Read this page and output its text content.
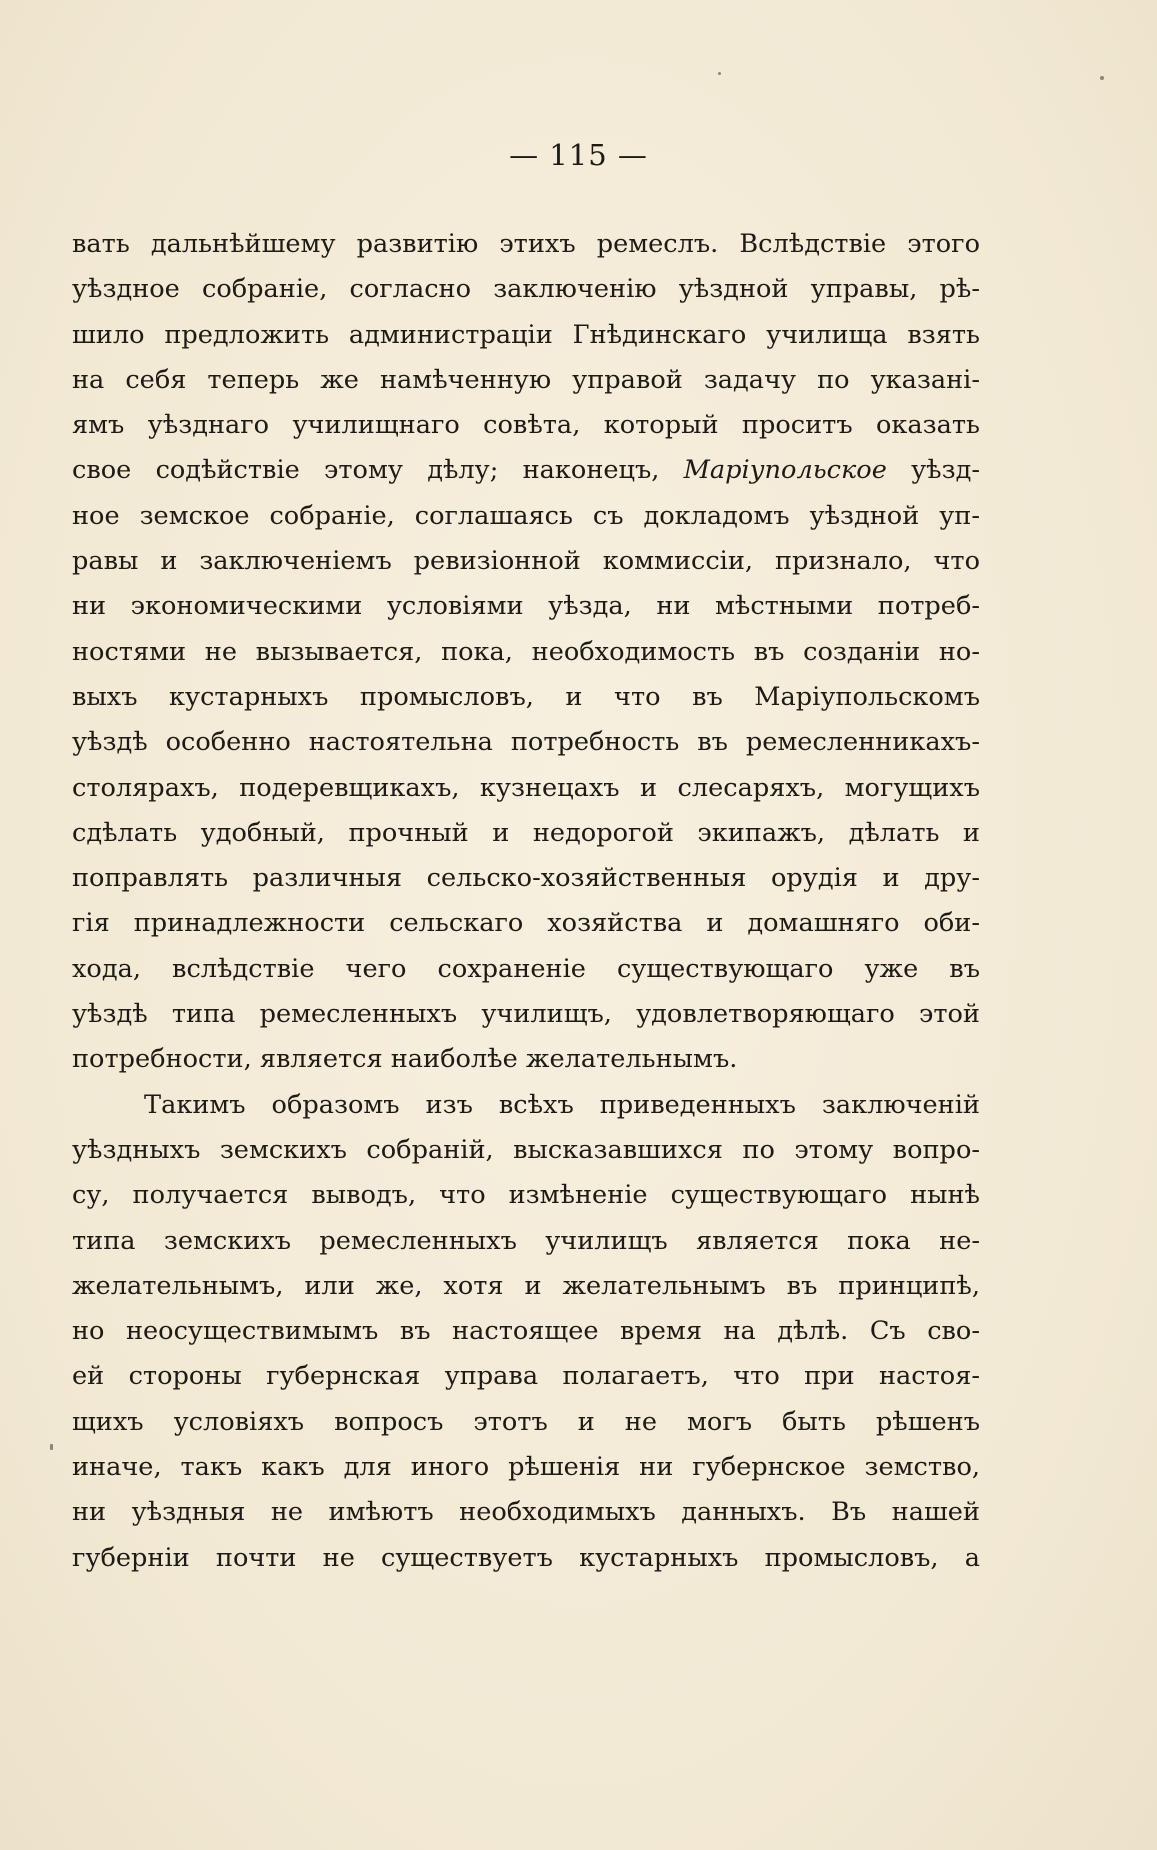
— 115 —
вать дальнѣйшему развитію этихъ ремеслъ. Вслѣдствіе этого
уѣздное собраніе, согласно заключенію уѣздной управы, рѣ-
шило предложить администраціи Гнѣдинскаго училища взять
на себя теперь же намѣченную управой задачу по указані-
ямъ уѣзднаго училищнаго совѣта, который проситъ оказать
свое содѣйствіе этому дѣлу; наконецъ, Маріупольское уѣзд-
ное земское собраніе, соглашаясь съ докладомъ уѣздной уп-
равы и заключеніемъ ревизіонной коммиссіи, признало, что
ни экономическими условіями уѣзда, ни мѣстными потреб-
ностями не вызывается, пока, необходимость въ созданіи но-
выхъ кустарныхъ промысловъ, и что въ Маріупольскомъ
уѣздѣ особенно настоятельна потребность въ ремесленникахъ-
столярахъ, подеревщикахъ, кузнецахъ и слесаряхъ, могущихъ
сдѣлать удобный, прочный и недорогой экипажъ, дѣлать и
поправлять различныя сельско-хозяйственныя орудія и дру-
гія принадлежности сельскаго хозяйства и домашняго оби-
хода, вслѣдствіе чего сохраненіе существующаго уже въ
уѣздѣ типа ремесленныхъ училищъ, удовлетворяющаго этой
потребности, является наиболѣе желательнымъ.
Такимъ образомъ изъ всѣхъ приведенныхъ заключеній
уѣздныхъ земскихъ собраній, высказавшихся по этому вопро-
су, получается выводъ, что измѣненіе существующаго нынѣ
типа земскихъ ремесленныхъ училищъ является пока не-
желательнымъ, или же, хотя и желательнымъ въ принципѣ,
но неосуществимымъ въ настоящее время на дѣлѣ. Съ сво-
ей стороны губернская управа полагаетъ, что при настоя-
щихъ условіяхъ вопросъ этотъ и не могъ быть рѣшенъ
иначе, такъ какъ для иного рѣшенія ни губернское земство,
ни уѣздныя не имѣютъ необходимыхъ данныхъ. Въ нашей
губерніи почти не существуетъ кустарныхъ промысловъ, а
